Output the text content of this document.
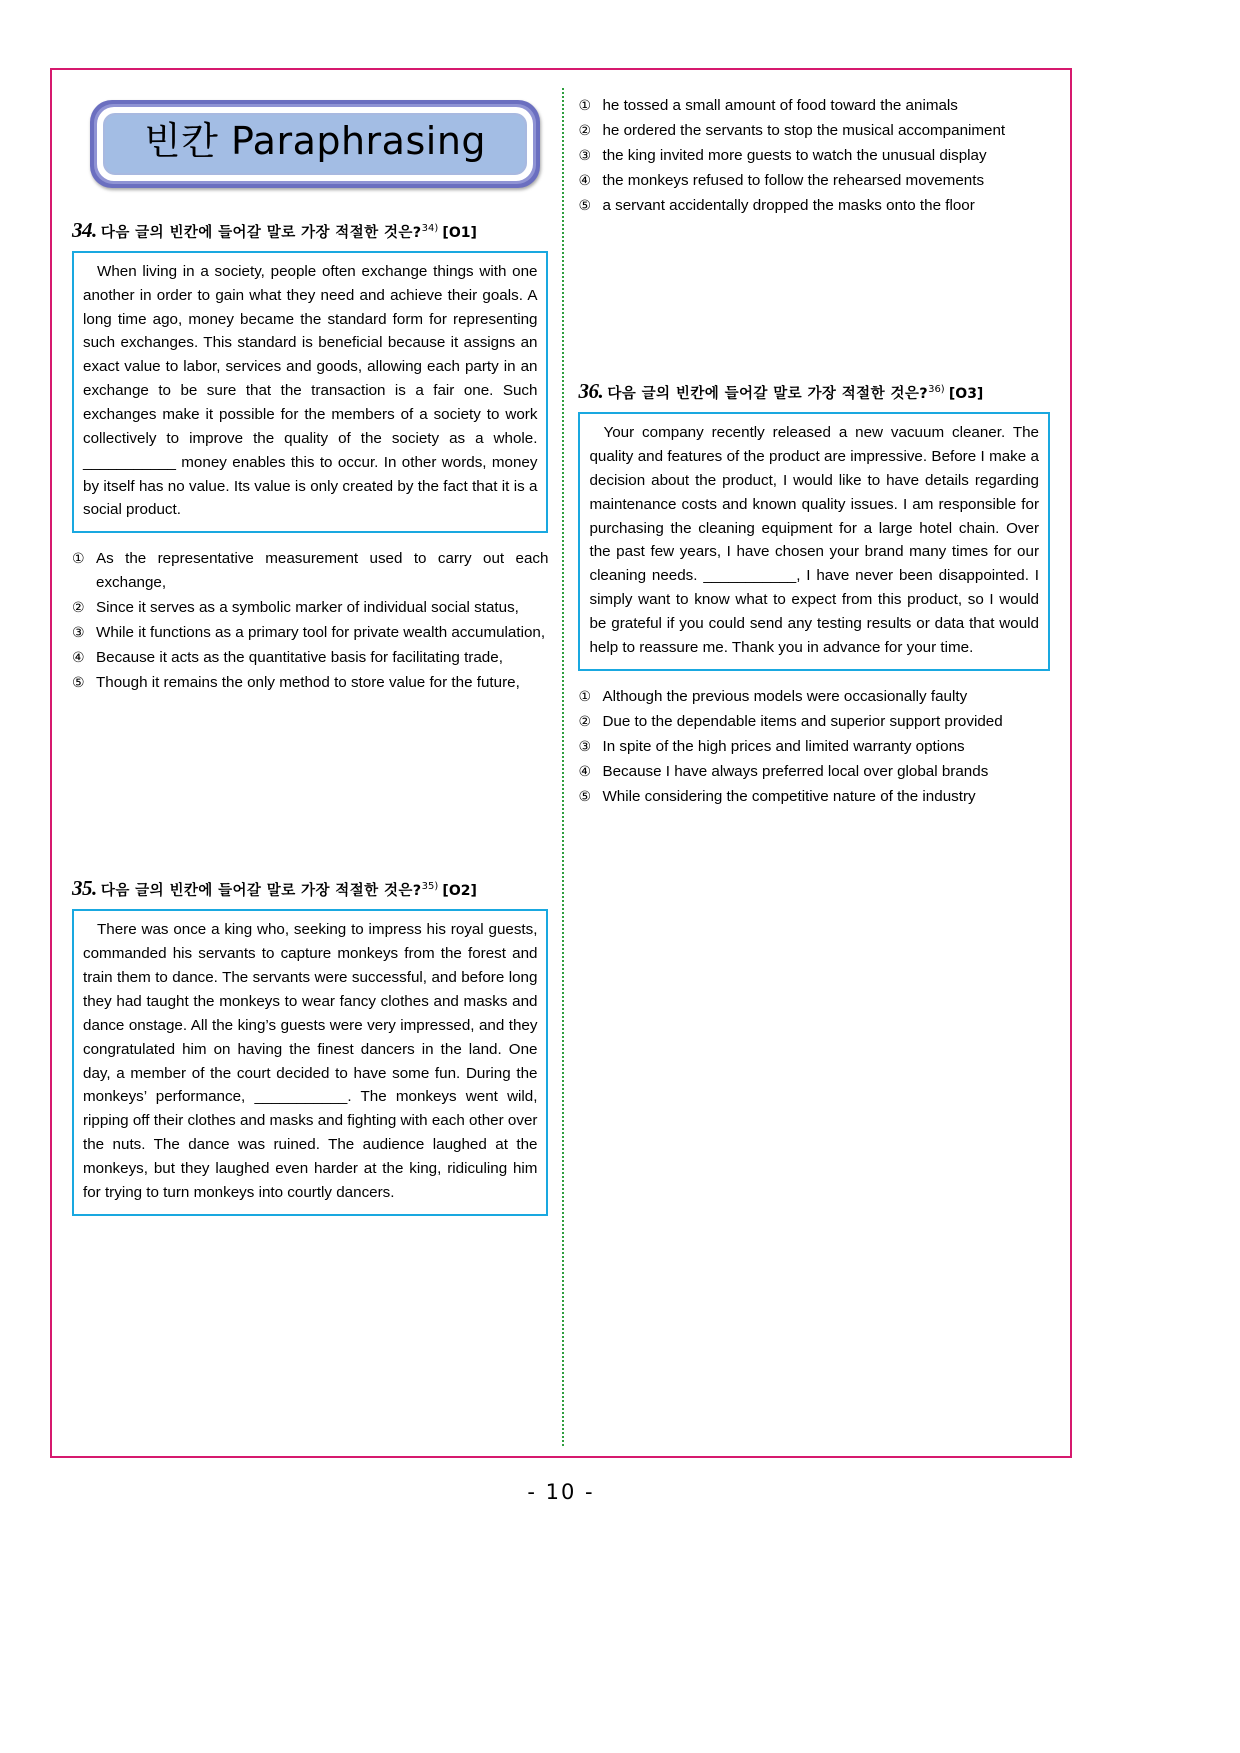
빈칸 Paraphrasing
34. 다음 글의 빈칸에 들어갈 말로 가장 적절한 것은?$^{34)}$ [O1]

When living in a society, people often exchange things with one another in order to gain what they need and achieve their goals. A long time ago, money became the standard form for representing such exchanges. This standard is beneficial because it assigns an exact value to labor, services and goods, allowing each party in an exchange to be sure that the transaction is a fair one. Such exchanges make it possible for the members of a society to work collectively to improve the quality of the society as a whole. ___________ money enables this to occur. In other words, money by itself has no value. Its value is only created by the fact that it is a social product.

① As the representative measurement used to carry out each exchange,
② Since it serves as a symbolic marker of individual social status,
③ While it functions as a primary tool for private wealth accumulation,
④ Because it acts as the quantitative basis for facilitating trade,
⑤ Though it remains the only method to store value for the future,
35. 다음 글의 빈칸에 들어갈 말로 가장 적절한 것은?$^{35)}$ [O2]

There was once a king who, seeking to impress his royal guests, commanded his servants to capture monkeys from the forest and train them to dance. The servants were successful, and before long they had taught the monkeys to wear fancy clothes and masks and dance onstage. All the king’s guests were very impressed, and they congratulated him on having the finest dancers in the land. One day, a member of the court decided to have some fun. During the monkeys’ performance, ___________. The monkeys went wild, ripping off their clothes and masks and fighting with each other over the nuts. The dance was ruined. The audience laughed at the monkeys, but they laughed even harder at the king, ridiculing him for trying to turn monkeys into courtly dancers.

① he tossed a small amount of food toward the animals
② he ordered the servants to stop the musical accompaniment
③ the king invited more guests to watch the unusual display
④ the monkeys refused to follow the rehearsed movements
⑤ a servant accidentally dropped the masks onto the floor
36. 다음 글의 빈칸에 들어갈 말로 가장 적절한 것은?$^{36)}$ [O3]

Your company recently released a new vacuum cleaner. The quality and features of the product are impressive. Before I make a decision about the product, I would like to have details regarding maintenance costs and known quality issues. I am responsible for purchasing the cleaning equipment for a large hotel chain. Over the past few years, I have chosen your brand many times for our cleaning needs. ___________, I have never been disappointed. I simply want to know what to expect from this product, so I would be grateful if you could send any testing results or data that would help to reassure me. Thank you in advance for your time.

① Although the previous models were occasionally faulty
② Due to the dependable items and superior support provided
③ In spite of the high prices and limited warranty options
④ Because I have always preferred local over global brands
⑤ While considering the competitive nature of the industry
- 10 -
